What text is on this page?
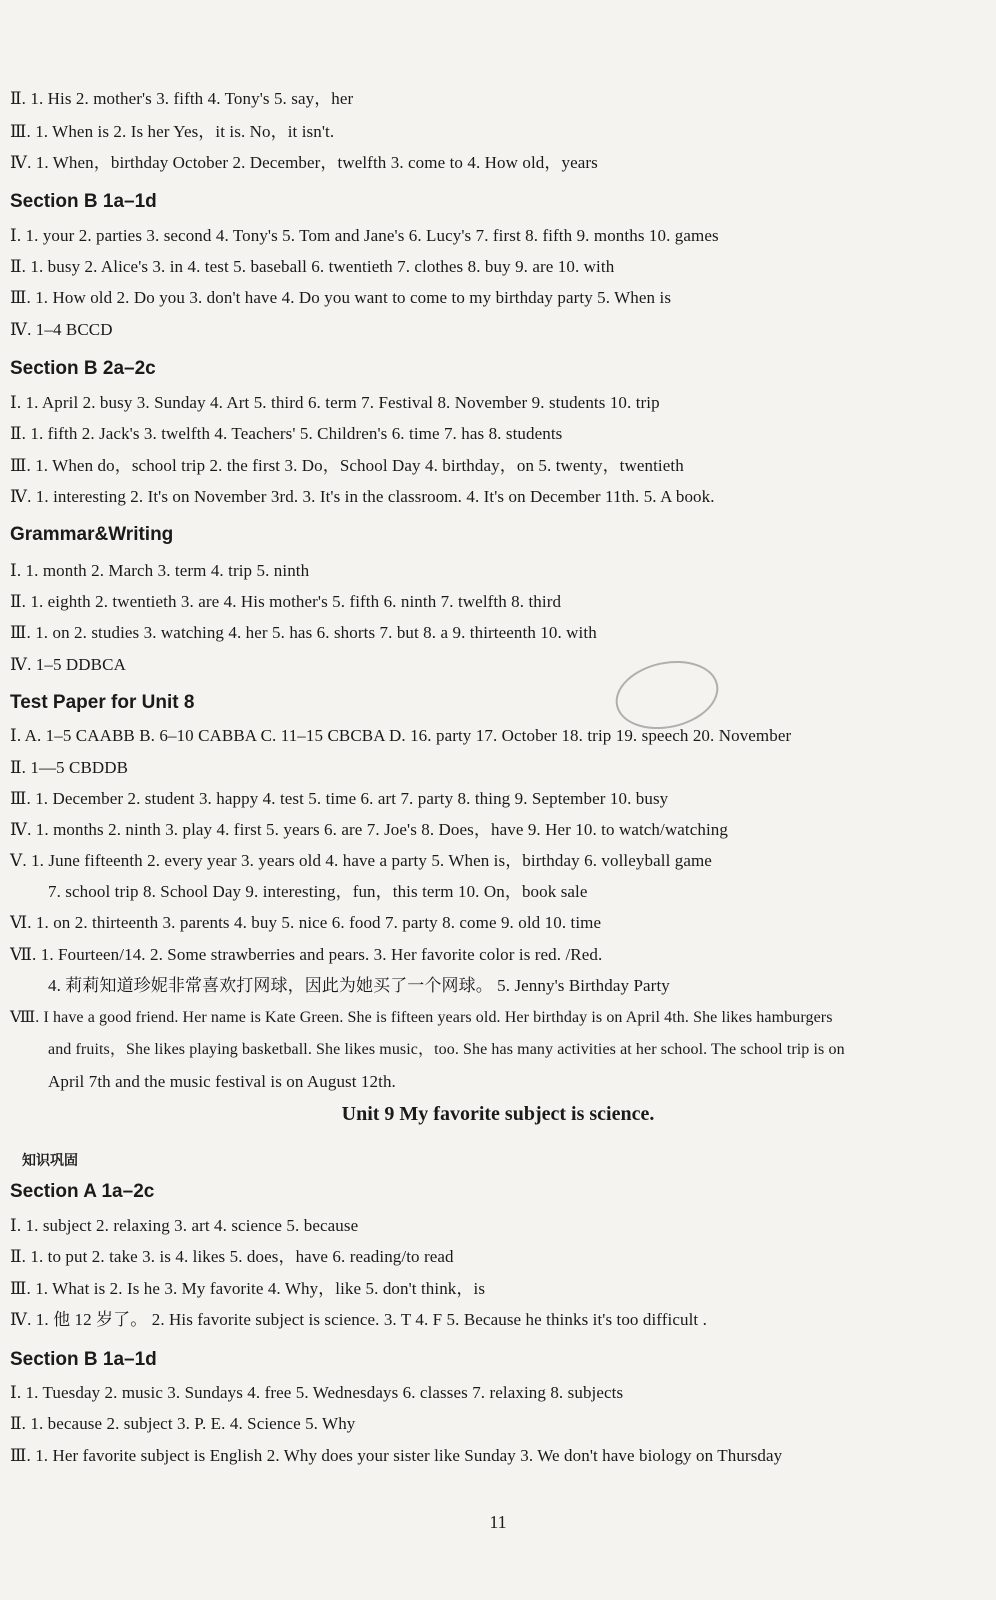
Ⅱ. 1. His 2. mother's 3. fifth 4. Tony's 5. say，her
Ⅲ. 1. When is 2. Is her Yes，it is. No，it isn't.
Ⅳ. 1. When，birthday October 2. December，twelfth 3. come to 4. How old，years
Section B 1a–1d
Ⅰ. 1. your 2. parties 3. second 4. Tony's 5. Tom and Jane's 6. Lucy's 7. first 8. fifth 9. months 10. games
Ⅱ. 1. busy 2. Alice's 3. in 4. test 5. baseball 6. twentieth 7. clothes 8. buy 9. are 10. with
Ⅲ. 1. How old 2. Do you 3. don't have 4. Do you want to come to my birthday party 5. When is
Ⅳ. 1–4 BCCD
Section B 2a–2c
Ⅰ. 1. April 2. busy 3. Sunday 4. Art 5. third 6. term 7. Festival 8. November 9. students 10. trip
Ⅱ. 1. fifth 2. Jack's 3. twelfth 4. Teachers' 5. Children's 6. time 7. has 8. students
Ⅲ. 1. When do，school trip 2. the first 3. Do，School Day 4. birthday，on 5. twenty，twentieth
Ⅳ. 1. interesting 2. It's on November 3rd. 3. It's in the classroom. 4. It's on December 11th. 5. A book.
Grammar&Writing
Ⅰ. 1. month 2. March 3. term 4. trip 5. ninth
Ⅱ. 1. eighth 2. twentieth 3. are 4. His mother's 5. fifth 6. ninth 7. twelfth 8. third
Ⅲ. 1. on 2. studies 3. watching 4. her 5. has 6. shorts 7. but 8. a 9. thirteenth 10. with
Ⅳ. 1–5 DDBCA
Test Paper for Unit 8
Ⅰ. A. 1–5 CAABB B. 6–10 CABBA C. 11–15 CBCBA D. 16. party 17. October 18. trip 19. speech 20. November
Ⅱ. 1—5 CBDDB
Ⅲ. 1. December 2. student 3. happy 4. test 5. time 6. art 7. party 8. thing 9. September 10. busy
Ⅳ. 1. months 2. ninth 3. play 4. first 5. years 6. are 7. Joe's 8. Does，have 9. Her 10. to watch/watching
Ⅴ. 1. June fifteenth 2. every year 3. years old 4. have a party 5. When is，birthday 6. volleyball game
7. school trip 8. School Day 9. interesting，fun，this term 10. On，book sale
Ⅵ. 1. on 2. thirteenth 3. parents 4. buy 5. nice 6. food 7. party 8. come 9. old 10. time
Ⅶ. 1. Fourteen/14. 2. Some strawberries and pears. 3. Her favorite color is red. /Red.
4. 莉莉知道珍妮非常喜欢打网球，因此为她买了一个网球。 5. Jenny's Birthday Party
Ⅷ. I have a good friend. Her name is Kate Green. She is fifteen years old. Her birthday is on April 4th. She likes hamburgers
and fruits，She likes playing basketball. She likes music，too. She has many activities at her school. The school trip is on
April 7th and the music festival is on August 12th.
Unit 9 My favorite subject is science.
知识巩固
Section A 1a–2c
Ⅰ. 1. subject 2. relaxing 3. art 4. science 5. because
Ⅱ. 1. to put 2. take 3. is 4. likes 5. does，have 6. reading/to read
Ⅲ. 1. What is 2. Is he 3. My favorite 4. Why，like 5. don't think，is
Ⅳ. 1. 他 12 岁了。 2. His favorite subject is science. 3. T 4. F 5. Because he thinks it's too difficult .
Section B 1a–1d
Ⅰ. 1. Tuesday 2. music 3. Sundays 4. free 5. Wednesdays 6. classes 7. relaxing 8. subjects
Ⅱ. 1. because 2. subject 3. P. E. 4. Science 5. Why
Ⅲ. 1. Her favorite subject is English 2. Why does your sister like Sunday 3. We don't have biology on Thursday
11
